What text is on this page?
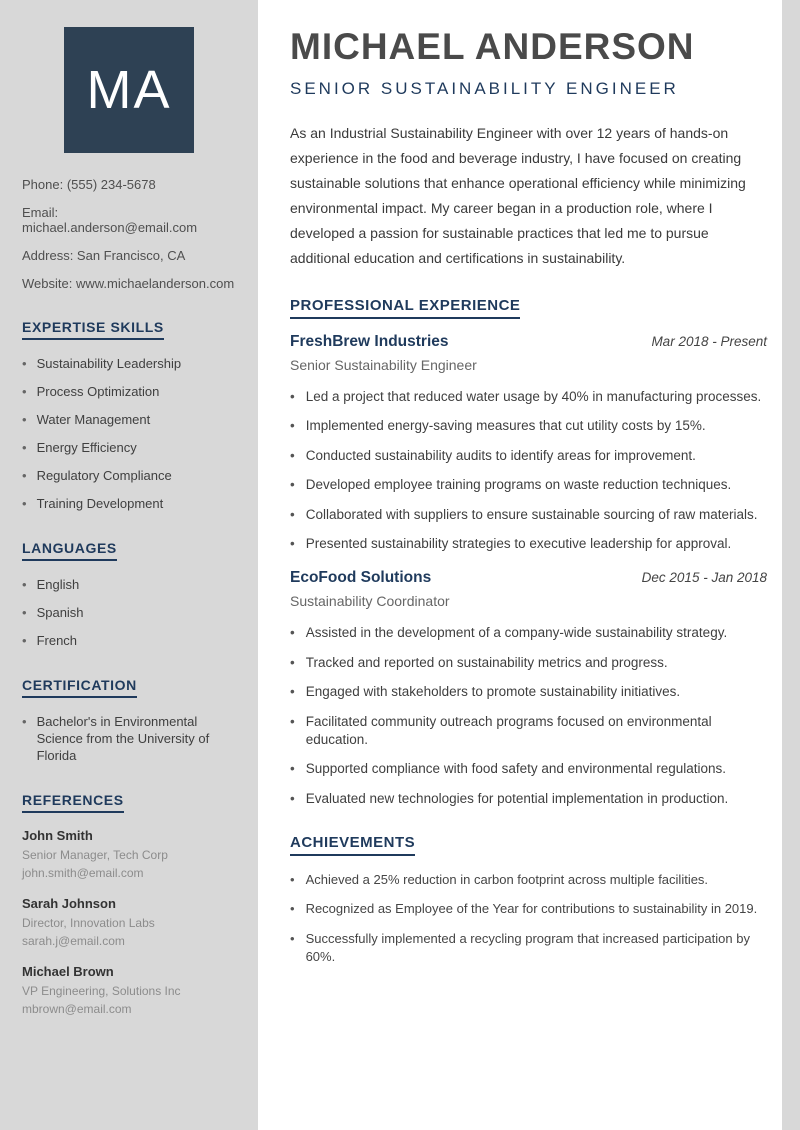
MA

Phone: (555) 234-5678

Email: michael.anderson@email.com

Address: San Francisco, CA

Website: www.michaelanderson.com

EXPERTISE SKILLS
• Sustainability Leadership
• Process Optimization
• Water Management
• Energy Efficiency
• Regulatory Compliance
• Training Development
LANGUAGES
• English
• Spanish
• French
CERTIFICATION
• Bachelor's in Environmental Science from the University of Florida
REFERENCES

John Smith

Senior Manager, Tech Corp

john.smith@email.com

Sarah Johnson

Director, Innovation Labs

sarah.j@email.com

Michael Brown

VP Engineering, Solutions Inc

mbrown@email.com

MICHAEL ANDERSON
SENIOR SUSTAINABILITY ENGINEER

As an Industrial Sustainability Engineer with over 12 years of hands-on experience in the food and beverage industry, I have focused on creating sustainable solutions that enhance operational efficiency while minimizing environmental impact. My career began in a production role, where I developed a passion for sustainable practices that led me to pursue additional education and certifications in sustainability.

PROFESSIONAL EXPERIENCE
FreshBrew Industries	Mar 2018 - Present

Senior Sustainability Engineer

• Led a project that reduced water usage by 40% in manufacturing processes.
• Implemented energy-saving measures that cut utility costs by 15%.
• Conducted sustainability audits to identify areas for improvement.
• Developed employee training programs on waste reduction techniques.
• Collaborated with suppliers to ensure sustainable sourcing of raw materials.
• Presented sustainability strategies to executive leadership for approval.
EcoFood Solutions	Dec 2015 - Jan 2018

Sustainability Coordinator

• Assisted in the development of a company-wide sustainability strategy.
• Tracked and reported on sustainability metrics and progress.
• Engaged with stakeholders to promote sustainability initiatives.
• Facilitated community outreach programs focused on environmental education.
• Supported compliance with food safety and environmental regulations.
• Evaluated new technologies for potential implementation in production.
ACHIEVEMENTS
• Achieved a 25% reduction in carbon footprint across multiple facilities.
• Recognized as Employee of the Year for contributions to sustainability in 2019.
• Successfully implemented a recycling program that increased participation by 60%.
